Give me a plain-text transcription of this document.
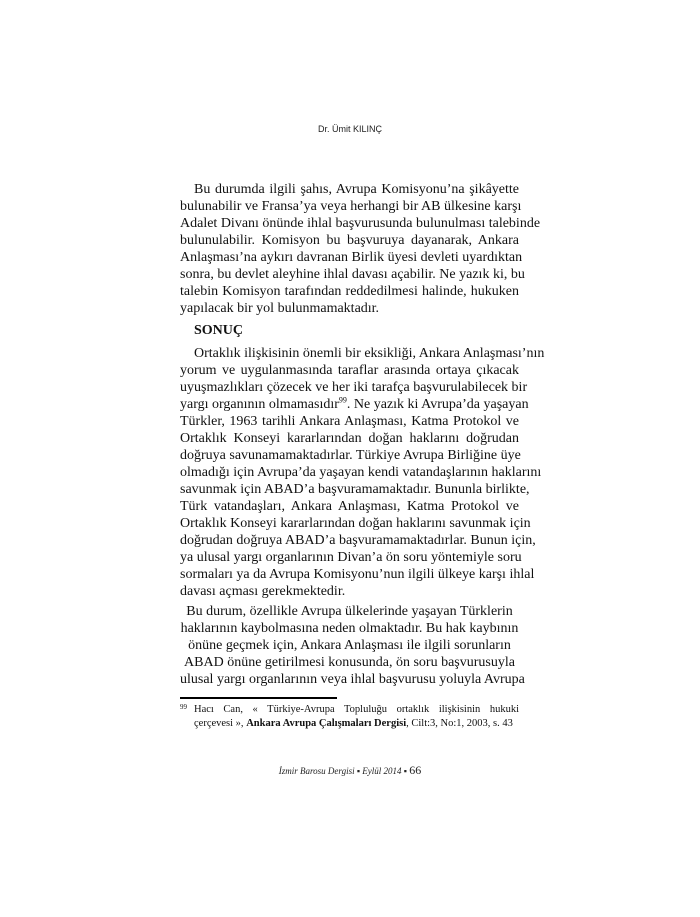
Dr. Ümit KILINÇ
Bu durumda ilgili şahıs, Avrupa Komisyonu’na şikâyette
bulunabilir ve Fransa’ya veya herhangi bir AB ülkesine karşı
Adalet Divanı önünde ihlal başvurusunda bulunulması talebinde
bulunulabilir. Komisyon bu başvuruya dayanarak, Ankara
Anlaşması’na aykırı davranan Birlik üyesi devleti uyardıktan
sonra, bu devlet aleyhine ihlal davası açabilir. Ne yazık ki, bu
talebin Komisyon tarafından reddedilmesi halinde, hukuken
yapılacak bir yol bulunmamaktadır.
SONUÇ
Ortaklık ilişkisinin önemli bir eksikliği, Ankara Anlaşması’nın
yorum ve uygulanmasında taraflar arasında ortaya çıkacak
uyuşmazlıkları çözecek ve her iki tarafça başvurulabilecek bir
yargı organının olmamasıdır$^{99}$. Ne yazık ki Avrupa’da yaşayan
Türkler, 1963 tarihli Ankara Anlaşması, Katma Protokol ve
Ortaklık Konseyi kararlarından doğan haklarını doğrudan
doğruya savunamamaktadırlar. Türkiye Avrupa Birliğine üye
olmadığı için Avrupa’da yaşayan kendi vatandaşlarının haklarını
savunmak için ABAD’a başvuramamaktadır. Bununla birlikte,
Türk vatandaşları, Ankara Anlaşması, Katma Protokol ve
Ortaklık Konseyi kararlarından doğan haklarını savunmak için
doğrudan doğruya ABAD’a başvuramamaktadırlar. Bunun için,
ya ulusal yargı organlarının Divan’a ön soru yöntemiyle soru
sormaları ya da Avrupa Komisyonu’nun ilgili ülkeye karşı ihlal
davası açması gerekmektedir.
Bu durum, özellikle Avrupa ülkelerinde yaşayan Türklerin
haklarının kaybolmasına neden olmaktadır. Bu hak kaybının
önüne geçmek için, Ankara Anlaşması ile ilgili sorunların
ABAD önüne getirilmesi konusunda, ön soru başvurusuyla
ulusal yargı organlarının veya ihlal başvurusu yoluyla Avrupa
99 Hacı Can, « Türkiye-Avrupa Topluluğu ortaklık ilişkisinin hukuki
çerçevesi », Ankara Avrupa Çalışmaları Dergisi, Cilt:3, No:1, 2003, s. 43
İzmir Barosu Dergisi ▪ Eylül 2014 ▪ 66
